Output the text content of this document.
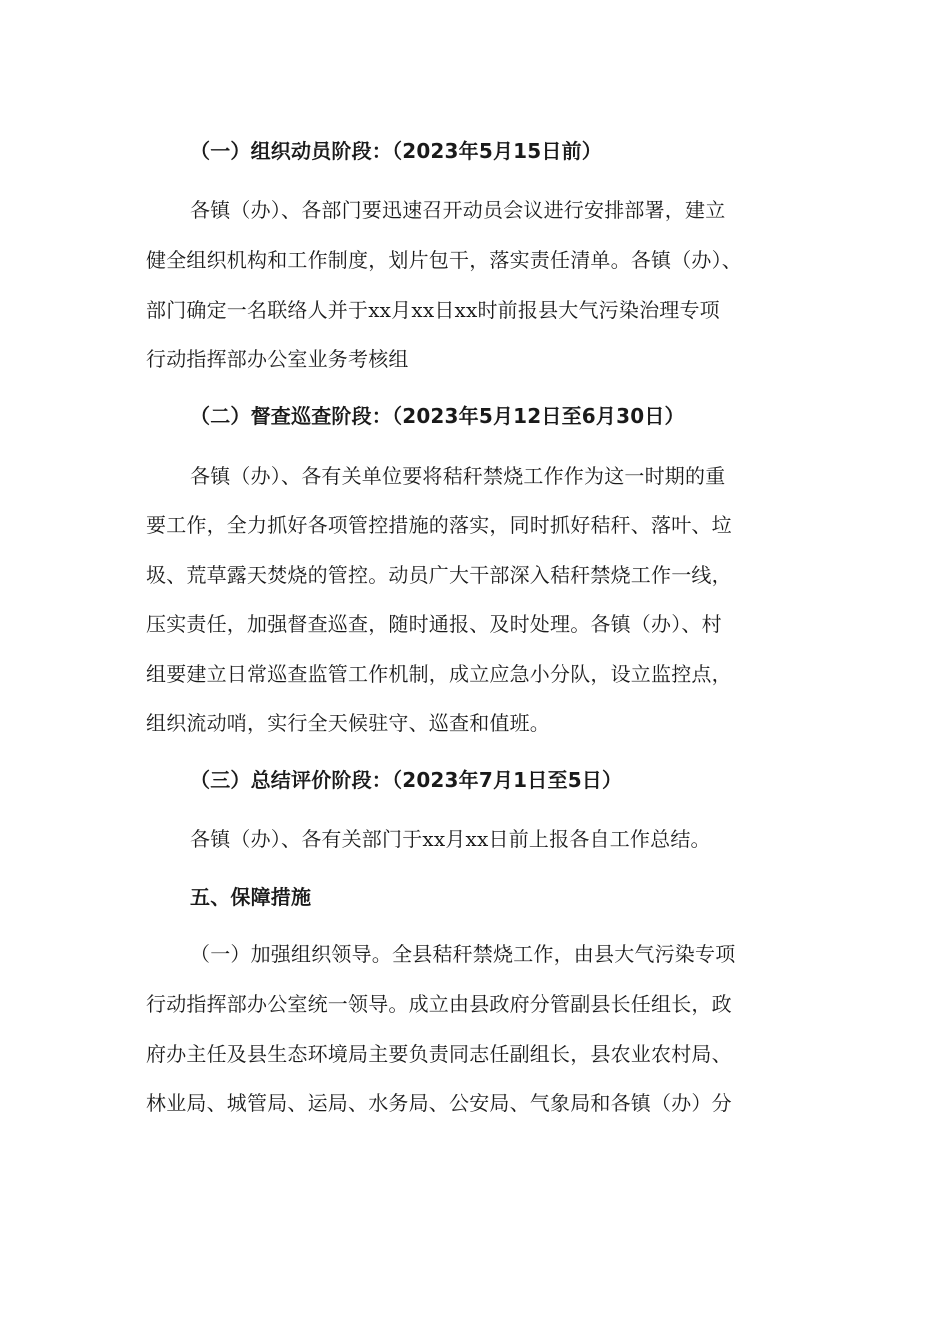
（一）组织动员阶段：（2023年5月15日前）
各镇（办）、各部门要迅速召开动员会议进行安排部署，建立
健全组织机构和工作制度，划片包干，落实责任清单。各镇（办）、
部门确定一名联络人并于xx月xx日xx时前报县大气污染治理专项
行动指挥部办公室业务考核组
（二）督查巡查阶段：（2023年5月12日至6月30日）
各镇（办）、各有关单位要将秸秆禁烧工作作为这一时期的重
要工作，全力抓好各项管控措施的落实，同时抓好秸秆、落叶、垃
圾、荒草露天焚烧的管控。动员广大干部深入秸秆禁烧工作一线，
压实责任，加强督查巡查，随时通报、及时处理。各镇（办）、村
组要建立日常巡查监管工作机制，成立应急小分队，设立监控点，
组织流动哨，实行全天候驻守、巡查和值班。
（三）总结评价阶段：（2023年7月1日至5日）
各镇（办）、各有关部门于xx月xx日前上报各自工作总结。
五、保障措施
（一）加强组织领导。全县秸秆禁烧工作，由县大气污染专项
行动指挥部办公室统一领导。成立由县政府分管副县长任组长，政
府办主任及县生态环境局主要负责同志任副组长，县农业农村局、
林业局、城管局、运局、水务局、公安局、气象局和各镇（办）分
